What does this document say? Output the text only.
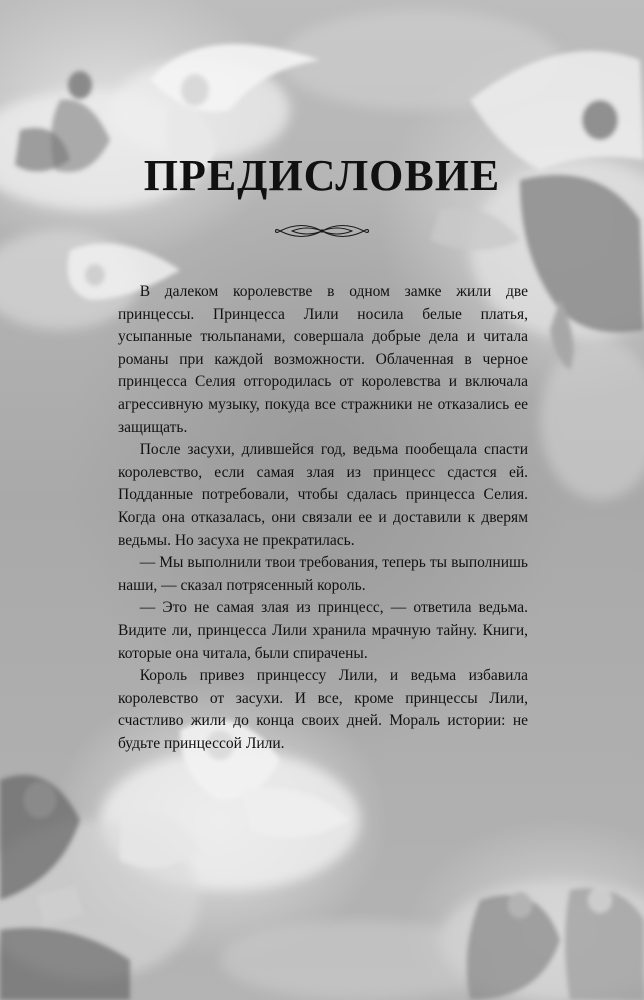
ПРЕДИСЛОВИЕ

В далеком королевстве в одном замке жили две принцессы. Принцесса Лили носила белые платья, усыпанные тюльпанами, совершала добрые дела и читала романы при каждой возможности. Облаченная в черное принцесса Селия отгородилась от королевства и включала агрессивную музыку, покуда все стражники не отказались ее защищать.

После засухи, длившейся год, ведьма пообещала спасти королевство, если самая злая из принцесс сдастся ей. Подданные потребовали, чтобы сдалась принцесса Селия. Когда она отказалась, они связали ее и доставили к дверям ведьмы. Но засуха не прекратилась.

— Мы выполнили твои требования, теперь ты выполнишь наши, — сказал потрясенный король.

— Это не самая злая из принцесс, — ответила ведьма. Видите ли, принцесса Лили хранила мрачную тайну. Книги, которые она читала, были спирачены.

Король привез принцессу Лили, и ведьма избавила королевство от засухи. И все, кроме принцессы Лили, счастливо жили до конца своих дней. Мораль истории: не будьте принцессой Лили.
